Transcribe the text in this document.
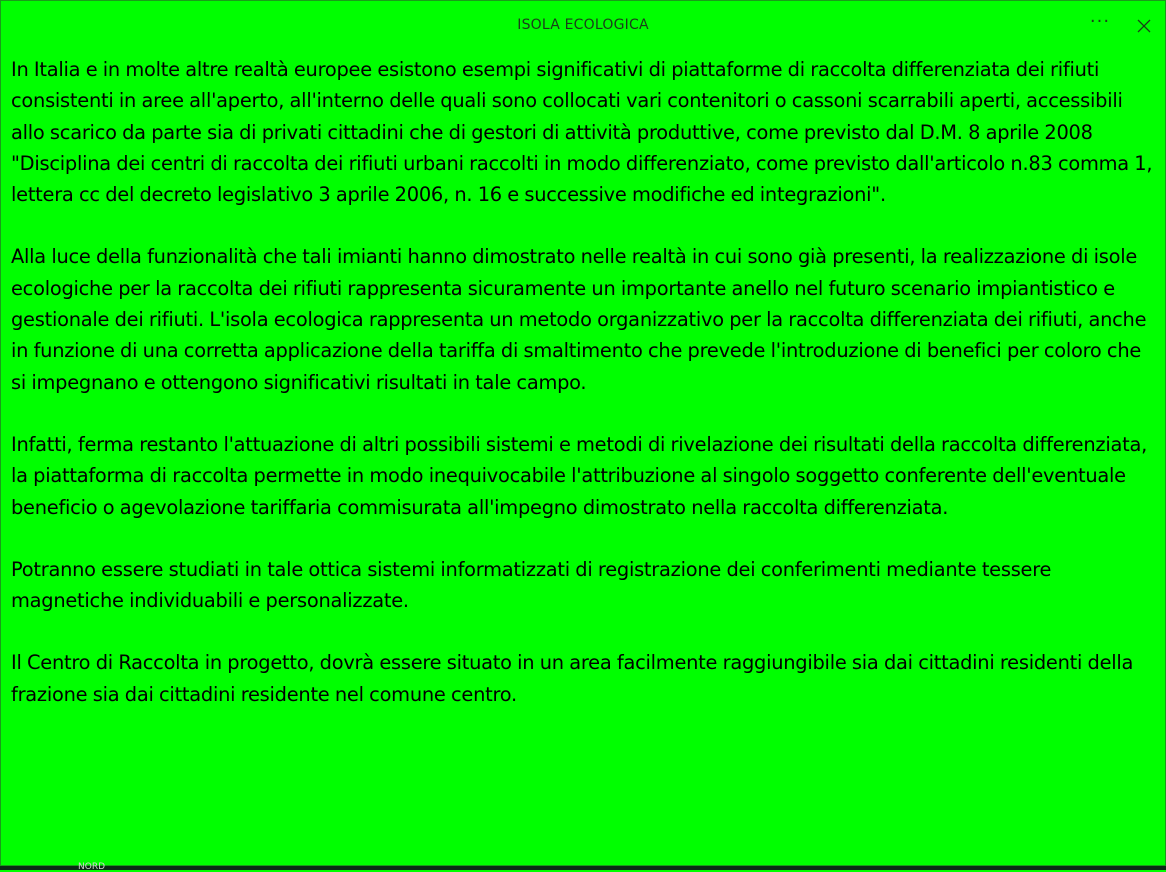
ISOLA ECOLOGICA	···

In Italia e in molte altre realtà europee esistono esempi significativi di piattaforme di raccolta differenziata dei rifiuti consistenti in aree all'aperto, all'interno delle quali sono collocati vari contenitori o cassoni scarrabili aperti, accessibili allo scarico da parte sia di privati cittadini che di gestori di attività produttive, come previsto dal D.M. 8 aprile 2008 "Disciplina dei centri di raccolta dei rifiuti urbani raccolti in modo differenziato, come previsto dall'articolo n.83 comma 1, lettera cc del decreto legislativo 3 aprile 2006, n. 16 e successive modifiche ed integrazioni".

Alla luce della funzionalità che tali imianti hanno dimostrato nelle realtà in cui sono già presenti, la realizzazione di isole ecologiche per la raccolta dei rifiuti rappresenta sicuramente un importante anello nel futuro scenario impiantistico e gestionale dei rifiuti. L'isola ecologica rappresenta un metodo organizzativo per la raccolta differenziata dei rifiuti, anche in funzione di una corretta applicazione della tariffa di smaltimento che prevede l'introduzione di benefici per coloro che si impegnano e ottengono significativi risultati in tale campo.

Infatti, ferma restanto l'attuazione di altri possibili sistemi e metodi di rivelazione dei risultati della raccolta differenziata, la piattaforma di raccolta permette in modo inequivocabile l'attribuzione al singolo soggetto conferente dell'eventuale beneficio o agevolazione tariffaria commisurata all'impegno dimostrato nella raccolta differenziata.

Potranno essere studiati in tale ottica sistemi informatizzati di registrazione dei conferimenti mediante tessere magnetiche individuabili e personalizzate.

Il Centro di Raccolta in progetto, dovrà essere situato in un area facilmente raggiungibile sia dai cittadini residenti della frazione sia dai cittadini residente nel comune centro.

NORD
